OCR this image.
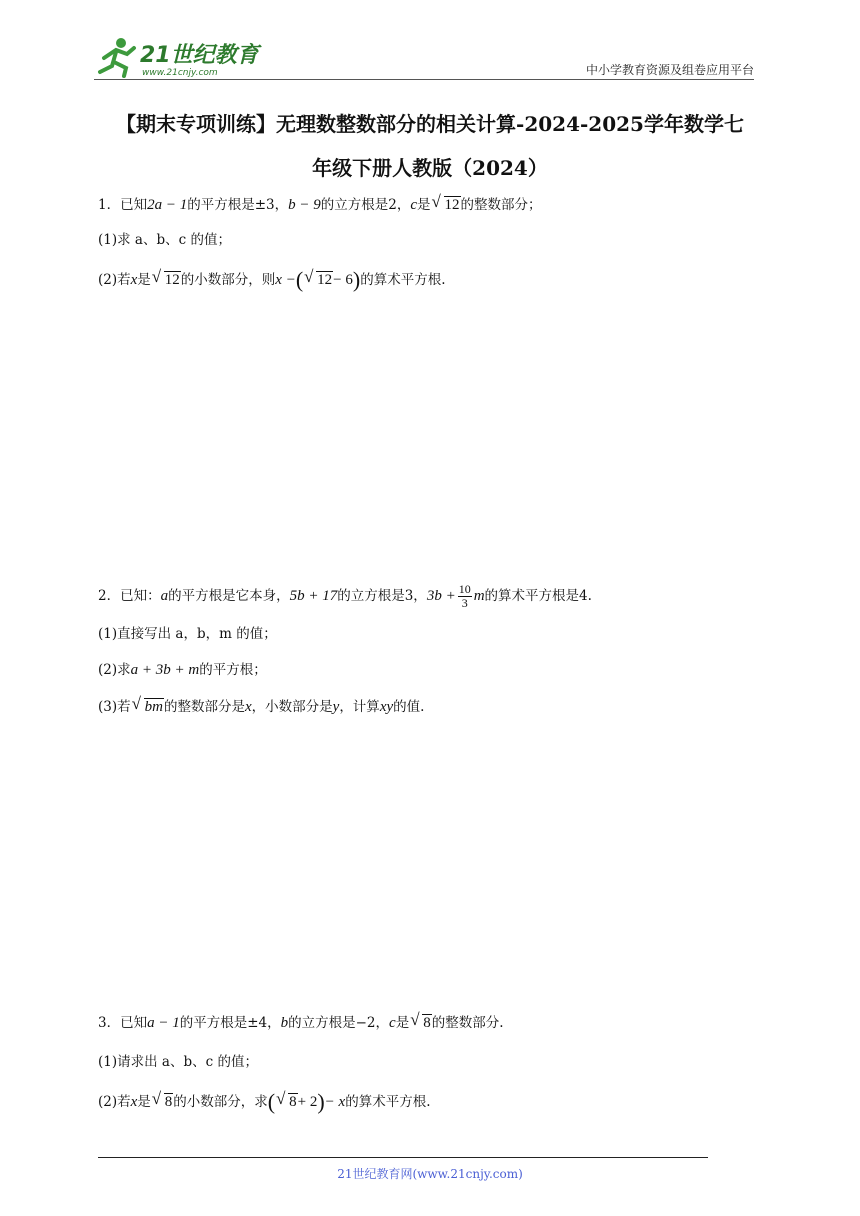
21世纪教育
www.21cnjy.com	中小学教育资源及组卷应用平台
【期末专项训练】无理数整数部分的相关计算-2024-2025学年数学七
年级下册人教版（2024）
1．已知2a − 1的平方根是±3，b − 9的立方根是2，c是 √ 12的整数部分；
(1)求 a、b、c 的值；
(2)若x是 √ 12的小数部分，则x −( √ 12− 6)的算术平方根.
2．已知：a的平方根是它本身，5b + 17的立方根是3，$3b + \frac{10}{3}$ m的算术平方根是4.
(1)直接写出 a，b，m 的值；
(2)求a + 3b + m的平方根；
(3)若 √ bm的整数部分是x，小数部分是y，计算xy的值.
3．已知a − 1的平方根是±4，b的立方根是−2，c是 √ 8的整数部分.
(1)请求出 a、b、c 的值；
(2)若x是 √ 8的小数部分，求( √ 8+ 2)− x的算术平方根.
21世纪教育网(www.21cnjy.com)
